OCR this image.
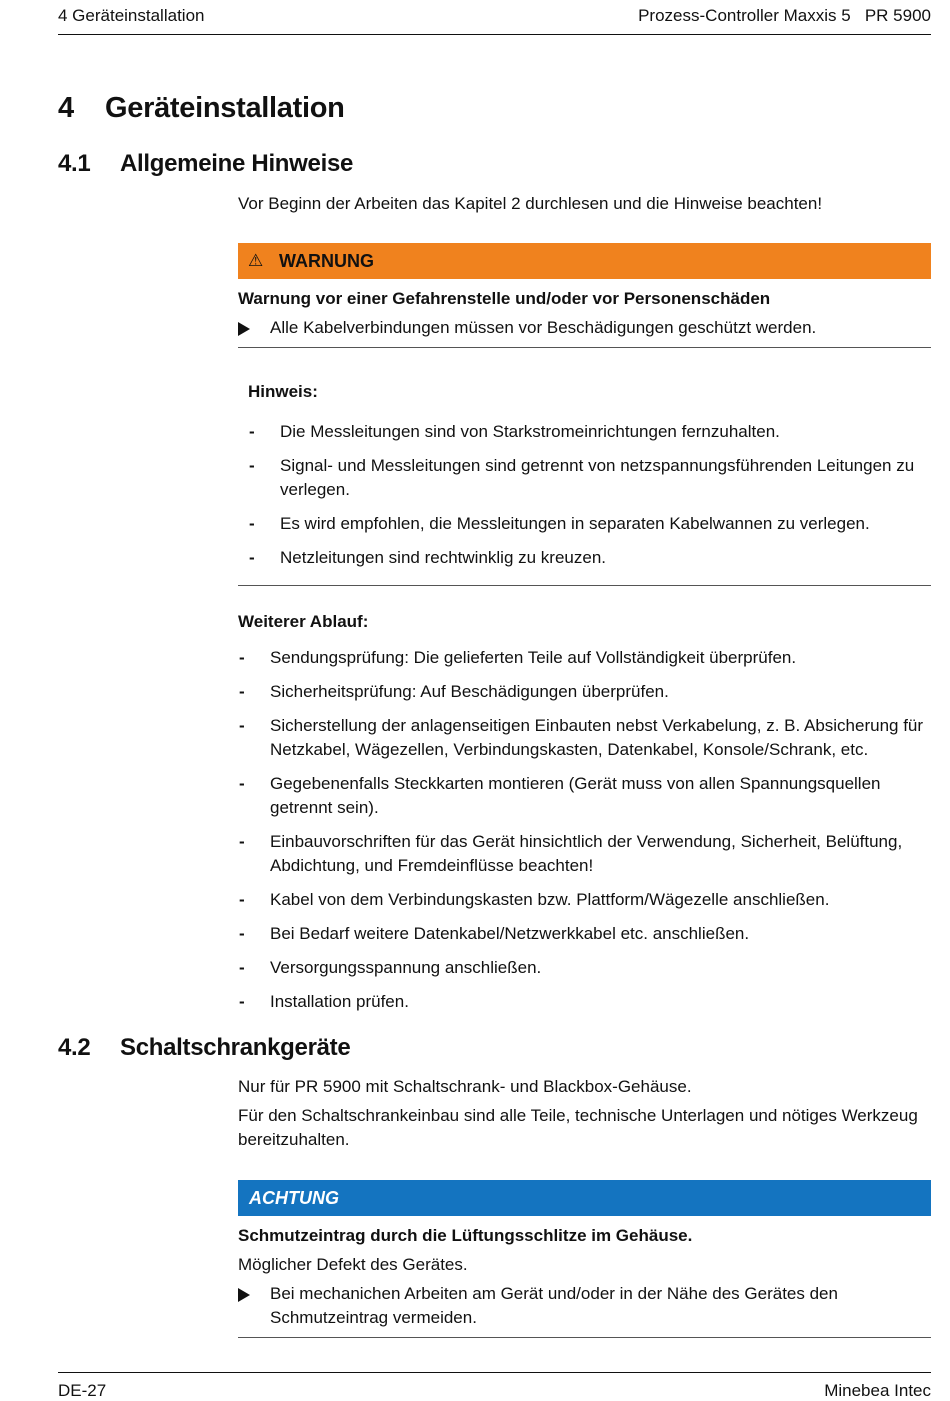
4 Geräteinstallation	Prozess-Controller Maxxis 5 PR 5900
4 Geräteinstallation
4.1 Allgemeine Hinweise
Vor Beginn der Arbeiten das Kapitel 2 durchlesen und die Hinweise beachten!
⚠ WARNUNG
Warnung vor einer Gefahrenstelle und/oder vor Personenschäden
Alle Kabelverbindungen müssen vor Beschädigungen geschützt werden.
Hinweis:
- Die Messleitungen sind von Starkstromeinrichtungen fernzuhalten.
- Signal- und Messleitungen sind getrennt von netzspannungsführenden Leitungen zu verlegen.
- Es wird empfohlen, die Messleitungen in separaten Kabelwannen zu verlegen.
- Netzleitungen sind rechtwinklig zu kreuzen.
Weiterer Ablauf:
- Sendungsprüfung: Die gelieferten Teile auf Vollständigkeit überprüfen.
- Sicherheitsprüfung: Auf Beschädigungen überprüfen.
- Sicherstellung der anlagenseitigen Einbauten nebst Verkabelung, z. B. Absicherung für Netzkabel, Wägezellen, Verbindungskasten, Datenkabel, Konsole/Schrank, etc.
- Gegebenenfalls Steckkarten montieren (Gerät muss von allen Spannungsquellen getrennt sein).
- Einbauvorschriften für das Gerät hinsichtlich der Verwendung, Sicherheit, Belüftung, Abdichtung, und Fremdeinflüsse beachten!
- Kabel von dem Verbindungskasten bzw. Plattform/Wägezelle anschließen.
- Bei Bedarf weitere Datenkabel/Netzwerkkabel etc. anschließen.
- Versorgungsspannung anschließen.
- Installation prüfen.
4.2 Schaltschrankgeräte
Nur für PR 5900 mit Schaltschrank- und Blackbox-Gehäuse.
Für den Schaltschrankeinbau sind alle Teile, technische Unterlagen und nötiges Werkzeug bereitzuhalten.
ACHTUNG
Schmutzeintrag durch die Lüftungsschlitze im Gehäuse.
Möglicher Defekt des Gerätes.
Bei mechanichen Arbeiten am Gerät und/oder in der Nähe des Gerätes den Schmutzeintrag vermeiden.
DE-27	Minebea Intec
